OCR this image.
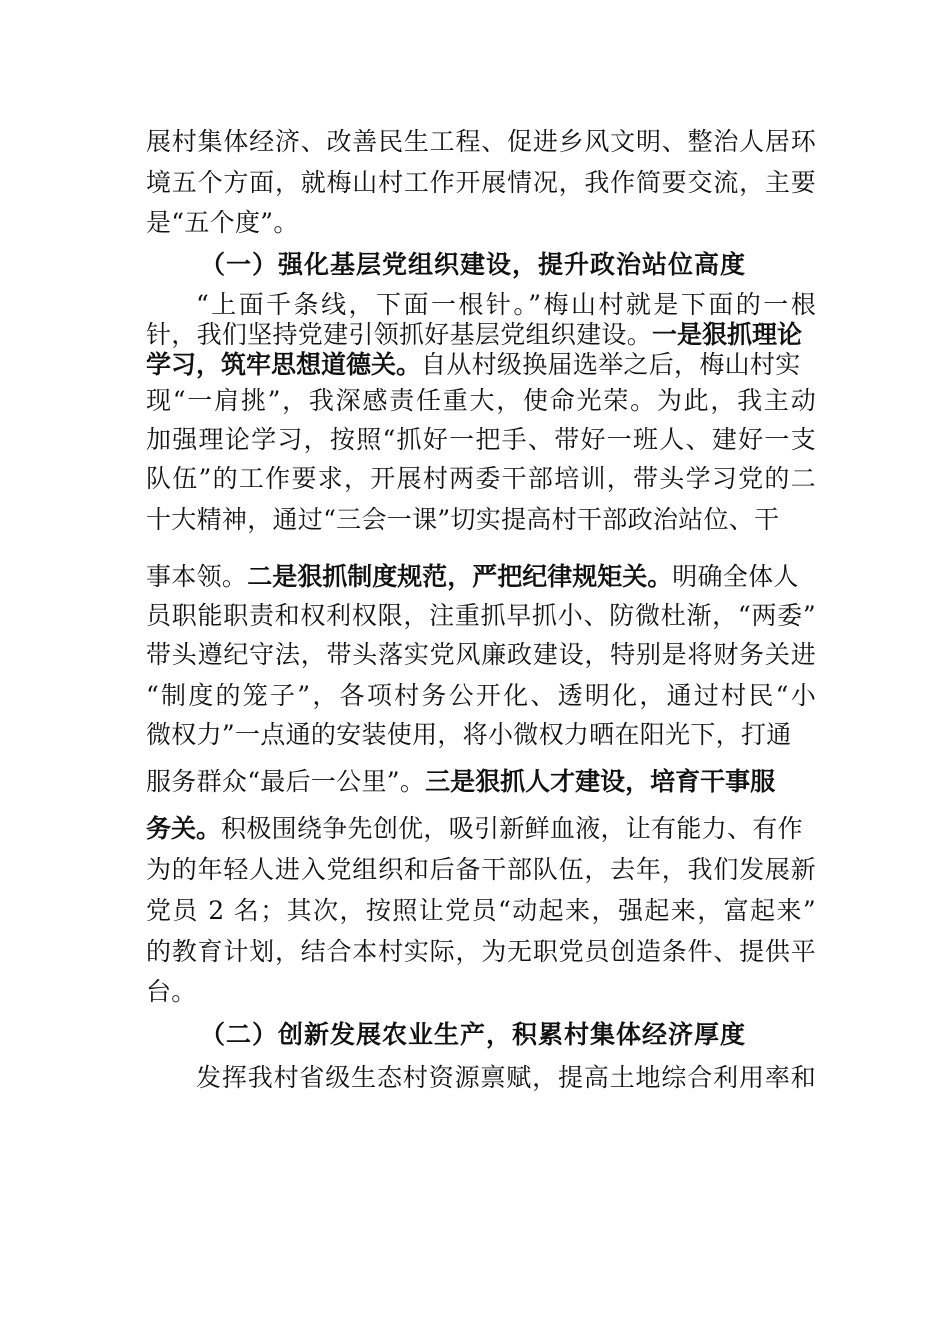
展村集体经济、改善民生工程、促进乡风文明、整治人居环
境五个方面，就梅山村工作开展情况，我作简要交流，主要
是“五个度”。
（一）强化基层党组织建设，提升政治站位高度
“上面千条线，下面一根针。”梅山村就是下面的一根
针，我们坚持党建引领抓好基层党组织建设。一是狠抓理论
学习，筑牢思想道德关。自从村级换届选举之后，梅山村实
现“一肩挑”，我深感责任重大，使命光荣。为此，我主动
加强理论学习，按照“抓好一把手、带好一班人、建好一支
队伍”的工作要求，开展村两委干部培训，带头学习党的二
十大精神，通过“三会一课”切实提高村干部政治站位、干
事本领。二是狠抓制度规范，严把纪律规矩关。明确全体人
员职能职责和权利权限，注重抓早抓小、防微杜渐，“两委”
带头遵纪守法，带头落实党风廉政建设，特别是将财务关进
“制度的笼子”，各项村务公开化、透明化，通过村民“小
微权力”一点通的安装使用，将小微权力晒在阳光下，打通
服务群众“最后一公里”。三是狠抓人才建设，培育干事服
务关。积极围绕争先创优，吸引新鲜血液，让有能力、有作
为的年轻人进入党组织和后备干部队伍，去年，我们发展新
党员 2 名；其次，按照让党员“动起来，强起来，富起来”
的教育计划，结合本村实际，为无职党员创造条件、提供平
台。
（二）创新发展农业生产，积累村集体经济厚度
发挥我村省级生态村资源禀赋，提高土地综合利用率和
